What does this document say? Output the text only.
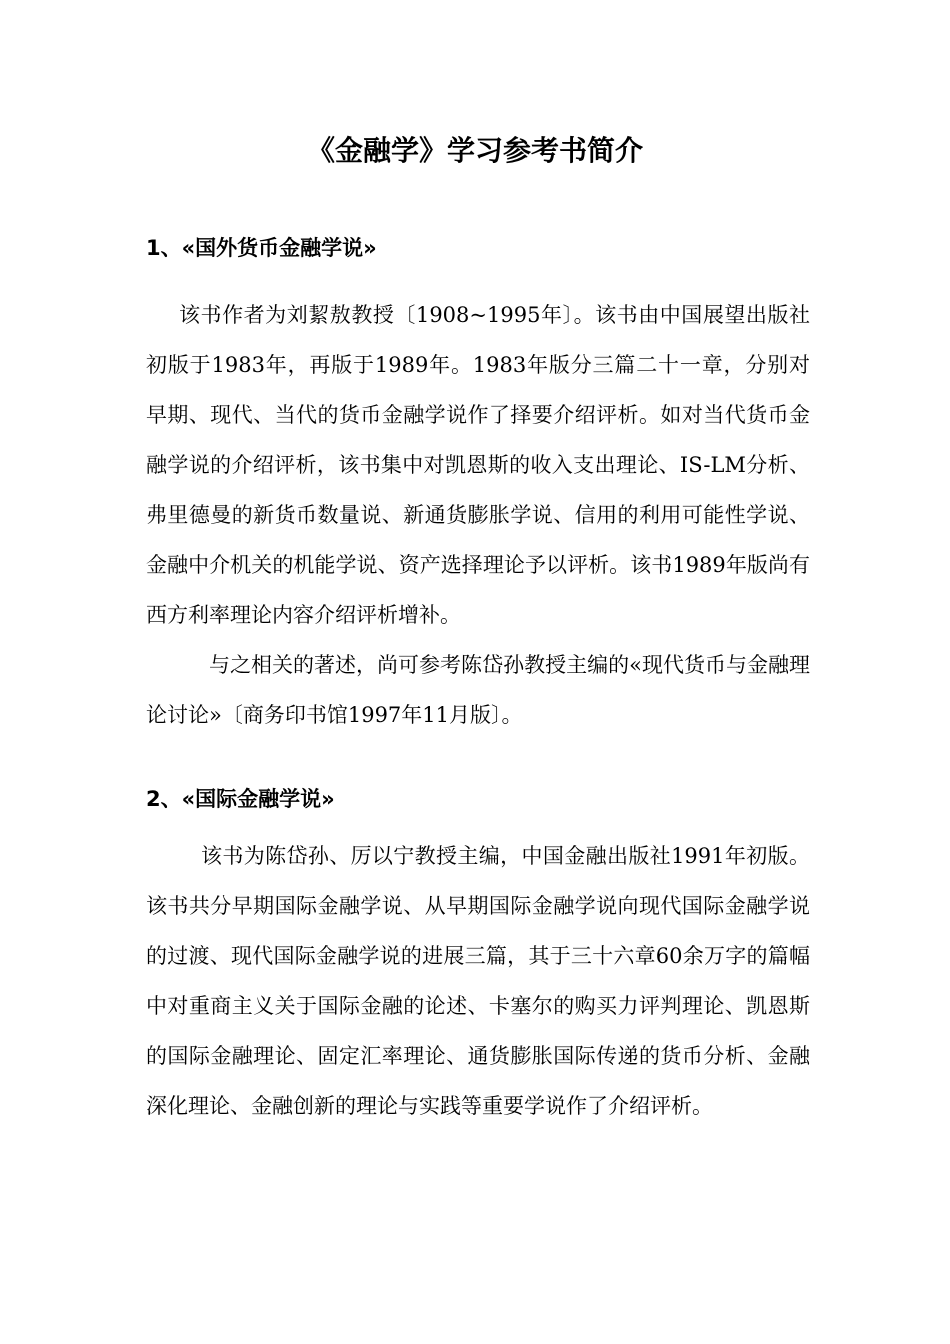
《金融学》学习参考书简介
1、«国外货币金融学说»

该书作者为刘絜敖教授〔1908~1995年〕。该书由中国展望出版社初版于1983年，再版于1989年。1983年版分三篇二十一章，分别对早期、现代、当代的货币金融学说作了择要介绍评析。如对当代货币金融学说的介绍评析，该书集中对凯恩斯的收入支出理论、IS-LM分析、弗里德曼的新货币数量说、新通货膨胀学说、信用的利用可能性学说、金融中介机关的机能学说、资产选择理论予以评析。该书1989年版尚有西方利率理论内容介绍评析增补。

与之相关的著述，尚可参考陈岱孙教授主编的«现代货币与金融理论讨论»〔商务印书馆1997年11月版〕。

2、«国际金融学说»

该书为陈岱孙、厉以宁教授主编，中国金融出版社1991年初版。该书共分早期国际金融学说、从早期国际金融学说向现代国际金融学说的过渡、现代国际金融学说的进展三篇，其于三十六章60余万字的篇幅中对重商主义关于国际金融的论述、卡塞尔的购买力评判理论、凯恩斯的国际金融理论、固定汇率理论、通货膨胀国际传递的货币分析、金融深化理论、金融创新的理论与实践等重要学说作了介绍评析。
